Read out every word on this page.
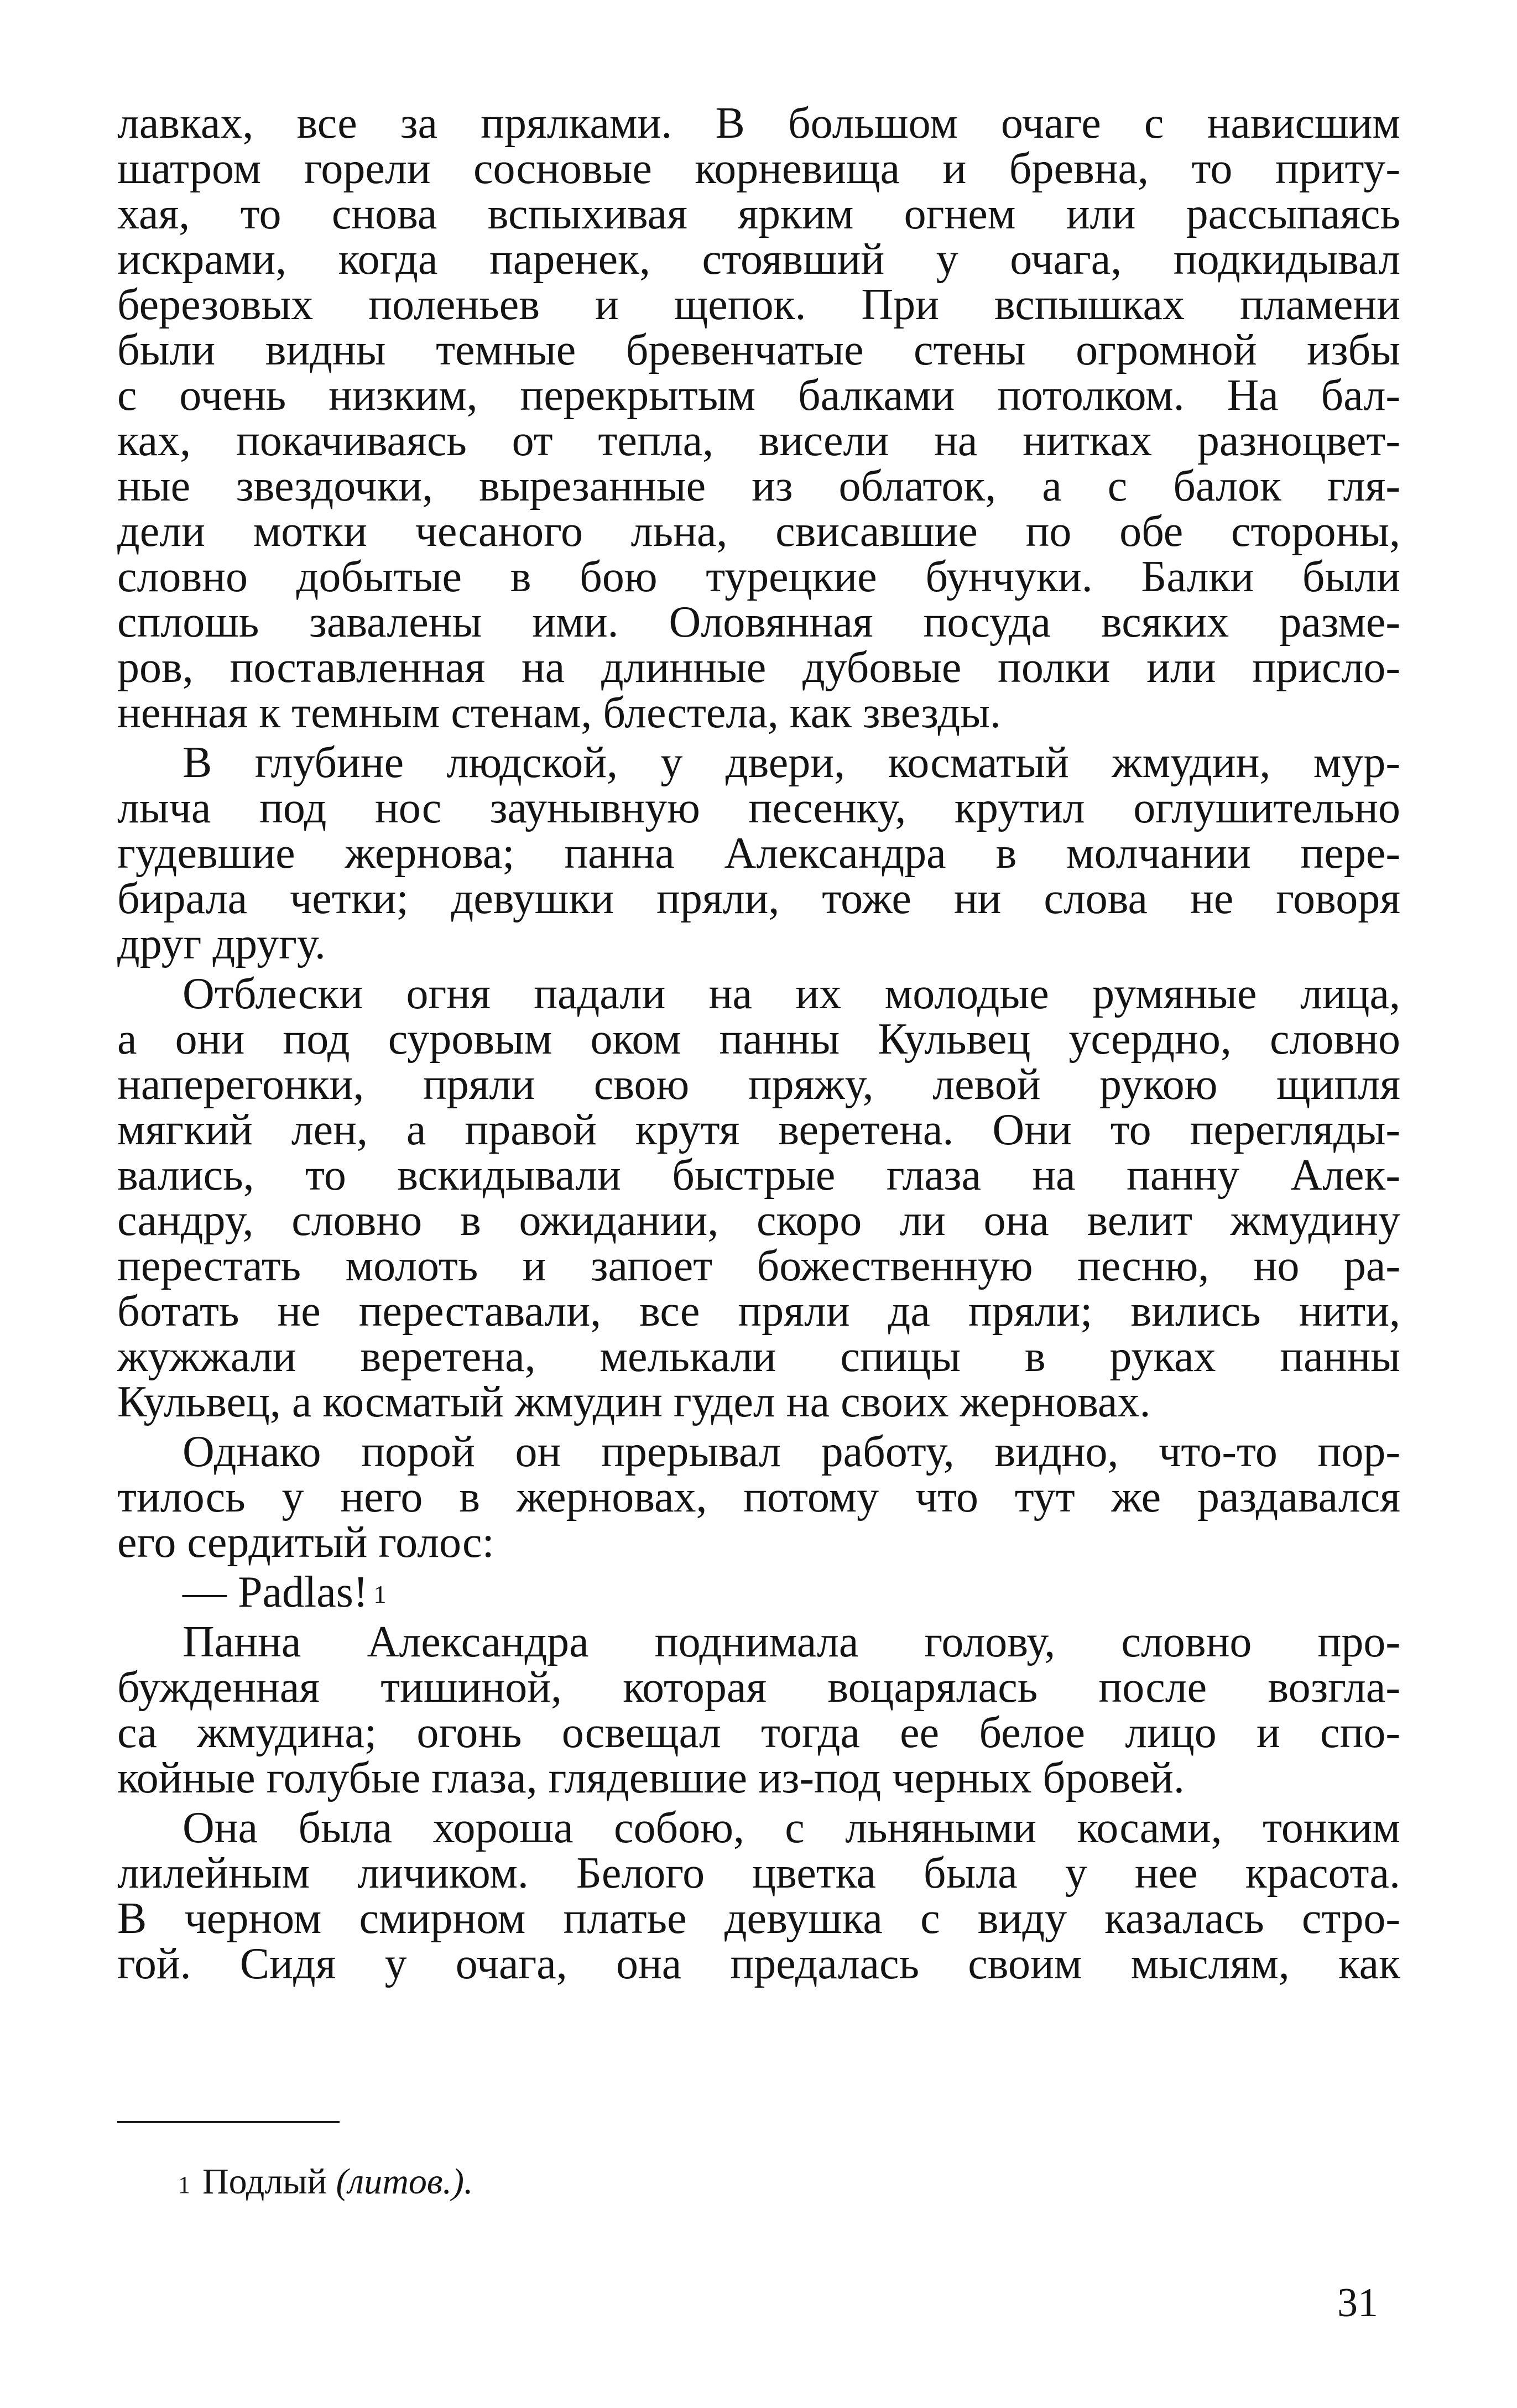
лавках, все за прялками. В большом очаге с нависшим
шатром горели сосновые корневища и бревна, то приту-
хая, то снова вспыхивая ярким огнем или рассыпаясь
искрами, когда паренек, стоявший у очага, подкидывал
березовых поленьев и щепок. При вспышках пламени
были видны темные бревенчатые стены огромной избы
с очень низким, перекрытым балками потолком. На бал-
ках, покачиваясь от тепла, висели на нитках разноцвет-
ные звездочки, вырезанные из облаток, а с балок гля-
дели мотки чесаного льна, свисавшие по обе стороны,
словно добытые в бою турецкие бунчуки. Балки были
сплошь завалены ими. Оловянная посуда всяких разме-
ров, поставленная на длинные дубовые полки или присло-
ненная к темным стенам, блестела, как звезды.
В глубине людской, у двери, косматый жмудин, мур-
лыча под нос заунывную песенку, крутил оглушительно
гудевшие жернова; панна Александра в молчании пере-
бирала четки; девушки пряли, тоже ни слова не говоря
друг другу.
Отблески огня падали на их молодые румяные лица,
а они под суровым оком панны Кульвец усердно, словно
наперегонки, пряли свою пряжу, левой рукою щипля
мягкий лен, а правой крутя веретена. Они то перегляды-
вались, то вскидывали быстрые глаза на панну Алек-
сандру, словно в ожидании, скоро ли она велит жмудину
перестать молоть и запоет божественную песню, но ра-
ботать не переставали, все пряли да пряли; вились нити,
жужжали веретена, мелькали спицы в руках панны
Кульвец, а косматый жмудин гудел на своих жерновах.
Однако порой он прерывал работу, видно, что-то пор-
тилось у него в жерновах, потому что тут же раздавался
его сердитый голос:
— Padlas! $^1$
Панна Александра поднимала голову, словно про-
бужденная тишиной, которая воцарялась после возгла-
са жмудина; огонь освещал тогда ее белое лицо и спо-
койные голубые глаза, глядевшие из-под черных бровей.
Она была хороша собою, с льняными косами, тонким
лилейным личиком. Белого цветка была у нее красота.
В черном смирном платье девушка с виду казалась стро-
гой. Сидя у очага, она предалась своим мыслям, как
$^1$ Подлый (литов.).
31
